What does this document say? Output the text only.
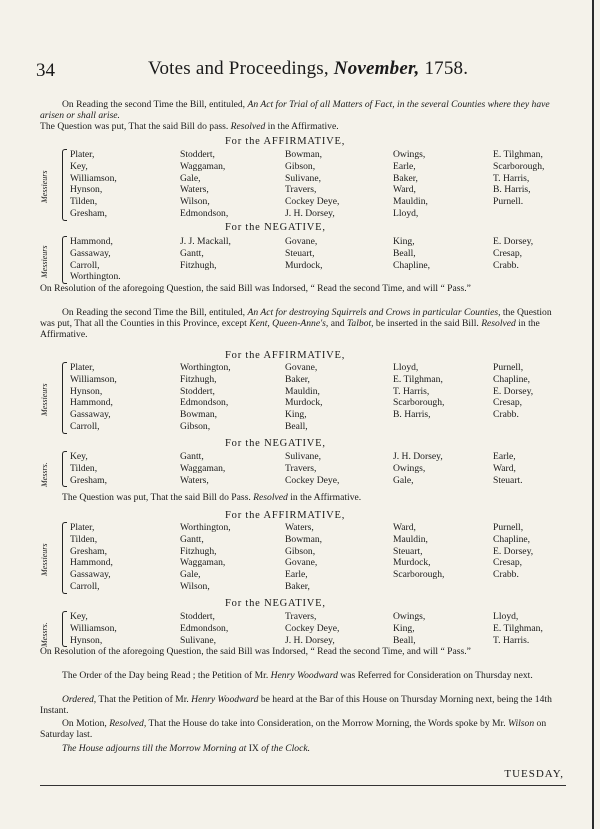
34	Votes and Proceedings, November, 1758.

On Reading the second Time the Bill, entituled, An Act for Trial of all Matters of Fact, in the several Counties where they have arisen or shall arise.

The Question was put, That the said Bill do pass. Resolved in the Affirmative.

For the AFFIRMATIVE,
Messieurs
Plater,
Key,
Williamson,
Hynson,
Tilden,
Gresham,
Stoddert,
Waggaman,
Gale,
Waters,
Wilson,
Edmondson,
Bowman,
Gibson,
Sulivane,
Travers,
Cockey Deye,
J. H. Dorsey,
Owings,
Earle,
Baker,
Ward,
Mauldin,
Lloyd,
E. Tilghman,
Scarborough,
T. Harris,
B. Harris,
Purnell.
For the NEGATIVE,
Messieurs
Hammond,
Gassaway,
Carroll,
Worthington.
J. J. Mackall,
Gantt,
Fitzhugh,
Govane,
Steuart,
Murdock,
King,
Beall,
Chapline,
E. Dorsey,
Cresap,
Crabb.

On Resolution of the aforegoing Question, the said Bill was Indorsed, “ Read the second Time, and will “ Pass.”

On Reading the second Time the Bill, entituled, An Act for destroying Squirrels and Crows in particular Counties, the Question was put, That all the Counties in this Province, except Kent, Queen-Anne's, and Talbot, be inserted in the said Bill. Resolved in the Affirmative.

For the AFFIRMATIVE,
Messieurs
Plater,
Williamson,
Hynson,
Hammond,
Gassaway,
Carroll,
Worthington,
Fitzhugh,
Stoddert,
Edmondson,
Bowman,
Gibson,
Govane,
Baker,
Mauldin,
Murdock,
King,
Beall,
Lloyd,
E. Tilghman,
T. Harris,
Scarborough,
B. Harris,
Purnell,
Chapline,
E. Dorsey,
Cresap,
Crabb.
For the NEGATIVE,
Messrs.
Key,
Tilden,
Gresham,
Gantt,
Waggaman,
Waters,
Sulivane,
Travers,
Cockey Deye,
J. H. Dorsey,
Owings,
Gale,
Earle,
Ward,
Steuart.

The Question was put, That the said Bill do Pass. Resolved in the Affirmative.

For the AFFIRMATIVE,
Messieurs
Plater,
Tilden,
Gresham,
Hammond,
Gassaway,
Carroll,
Worthington,
Gantt,
Fitzhugh,
Waggaman,
Gale,
Wilson,
Waters,
Bowman,
Gibson,
Govane,
Earle,
Baker,
Ward,
Mauldin,
Steuart,
Murdock,
Scarborough,
Purnell,
Chapline,
E. Dorsey,
Cresap,
Crabb.
For the NEGATIVE,
Messrs.
Key,
Williamson,
Hynson,
Stoddert,
Edmondson,
Sulivane,
Travers,
Cockey Deye,
J. H. Dorsey,
Owings,
King,
Beall,
Lloyd,
E. Tilghman,
T. Harris.

On Resolution of the aforegoing Question, the said Bill was Indorsed, “ Read the second Time, and will “ Pass.”

The Order of the Day being Read ; the Petition of Mr. Henry Woodward was Referred for Consideration on Thursday next.

Ordered, That the Petition of Mr. Henry Woodward be heard at the Bar of this House on Thursday Morning next, being the 14th Instant.

On Motion, Resolved, That the House do take into Consideration, on the Morrow Morning, the Words spoke by Mr. Wilson on Saturday last.

The House adjourns till the Morrow Morning at IX of the Clock.

TUESDAY,
